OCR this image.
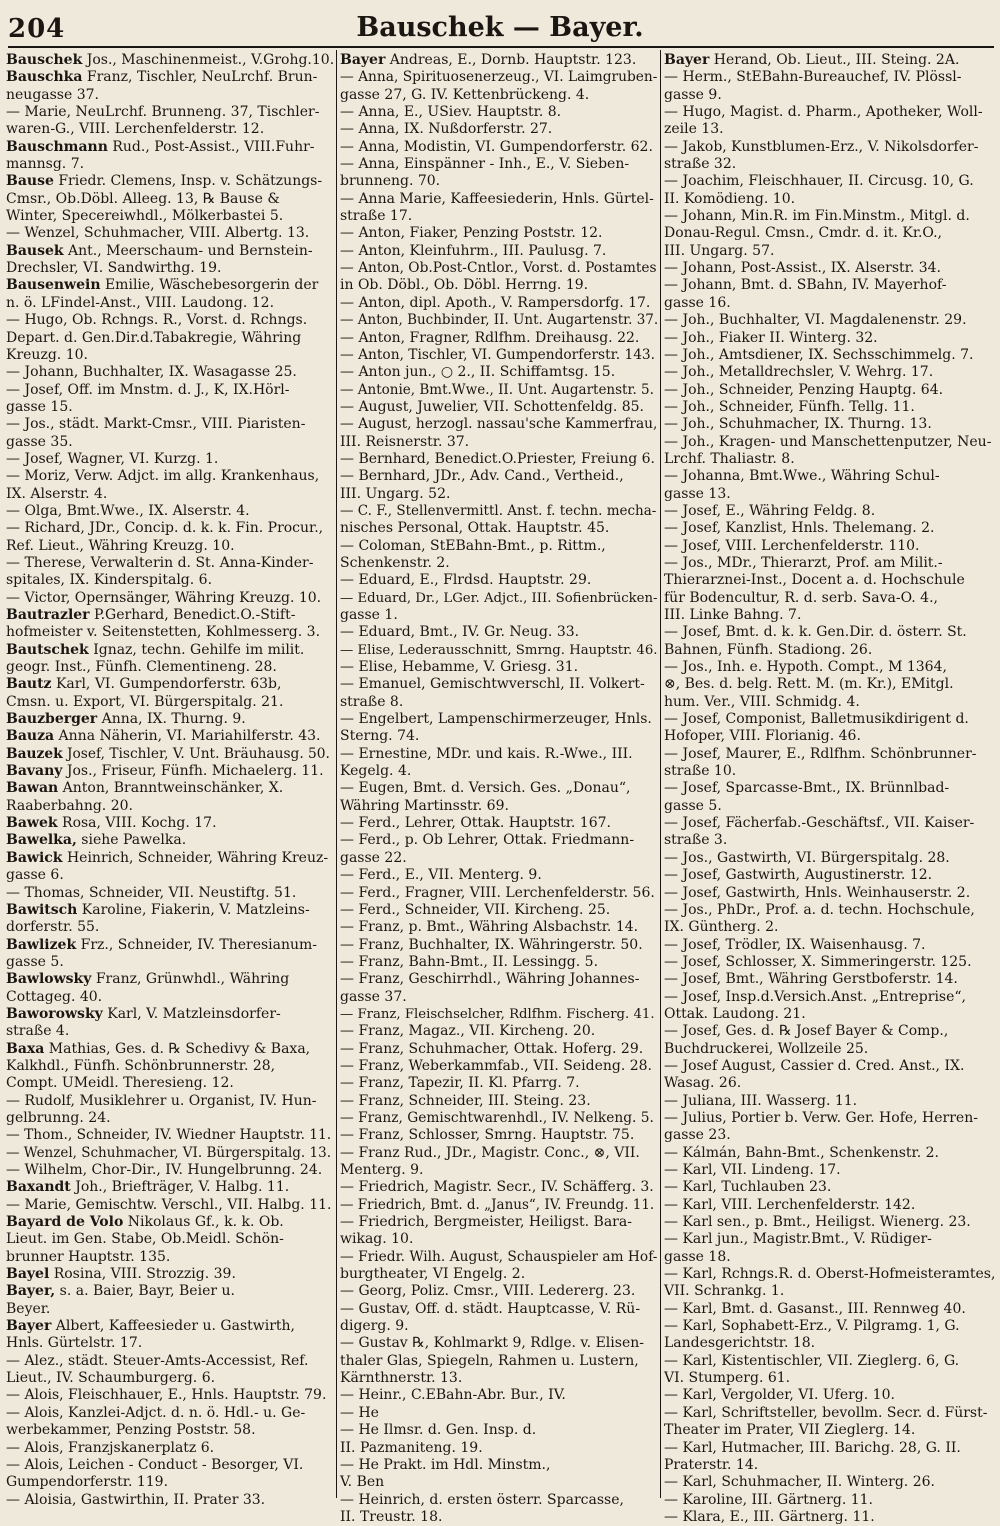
204	Bauschek — Bayer.

Bauschek Jos., Maschinenmeist., V.Grohg.10.

Bauschka Franz, Tischler, NeuLrchf. Brun-

neugasse 37.

— Marie, NeuLrchf. Brunneng. 37, Tischler-

waren-G., VIII. Lerchenfelderstr. 12.

Bauschmann Rud., Post-Assist., VIII.Fuhr-

mannsg. 7.

Bause Friedr. Clemens, Insp. v. Schätzungs-

Cmsr., Ob.Döbl. Alleeg. 13, ℞ Bause &

Winter, Specereiwhdl., Mölkerbastei 5.

— Wenzel, Schuhmacher, VIII. Albertg. 13.

Bausek Ant., Meerschaum- und Bernstein-

Drechsler, VI. Sandwirthg. 19.

Bausenwein Emilie, Wäschebesorgerin der

n. ö. LFindel-Anst., VIII. Laudong. 12.

— Hugo, Ob. Rchngs. R., Vorst. d. Rchngs.

Depart. d. Gen.Dir.d.Tabakregie, Währing

Kreuzg. 10.

— Johann, Buchhalter, IX. Wasagasse 25.

— Josef, Off. im Mnstm. d. J., K, IX.Hörl-

gasse 15.

— Jos., städt. Markt-Cmsr., VIII. Piaristen-

gasse 35.

— Josef, Wagner, VI. Kurzg. 1.

— Moriz, Verw. Adjct. im allg. Krankenhaus,

IX. Alserstr. 4.

— Olga, Bmt.Wwe., IX. Alserstr. 4.

— Richard, JDr., Concip. d. k. k. Fin. Procur.,

Ref. Lieut., Währing Kreuzg. 10.

— Therese, Verwalterin d. St. Anna-Kinder-

spitales, IX. Kinderspitalg. 6.

— Victor, Opernsänger, Währing Kreuzg. 10.

Bautrazler P.Gerhard, Benedict.O.-Stift-

hofmeister v. Seitenstetten, Kohlmesserg. 3.

Bautschek Ignaz, techn. Gehilfe im milit.

geogr. Inst., Fünfh. Clementineng. 28.

Bautz Karl, VI. Gumpendorferstr. 63b,

Cmsn. u. Export, VI. Bürgerspitalg. 21.

Bauzberger Anna, IX. Thurng. 9.

Bauza Anna Näherin, VI. Mariahilferstr. 43.

Bauzek Josef, Tischler, V. Unt. Bräuhausg. 50.

Bavany Jos., Friseur, Fünfh. Michaelerg. 11.

Bawan Anton, Branntweinschänker, X.

Raaberbahng. 20.

Bawek Rosa, VIII. Kochg. 17.

Bawelka, siehe Pawelka.

Bawick Heinrich, Schneider, Währing Kreuz-

gasse 6.

— Thomas, Schneider, VII. Neustiftg. 51.

Bawitsch Karoline, Fiakerin, V. Matzleins-

dorferstr. 55.

Bawlizek Frz., Schneider, IV. Theresianum-

gasse 5.

Bawlowsky Franz, Grünwhdl., Währing

Cottageg. 40.

Baworowsky Karl, V. Matzleinsdorfer-

straße 4.

Baxa Mathias, Ges. d. ℞ Schedivy & Baxa,

Kalkhdl., Fünfh. Schönbrunnerstr. 28,

Compt. UMeidl. Theresieng. 12.

— Rudolf, Musiklehrer u. Organist, IV. Hun-

gelbrunng. 24.

— Thom., Schneider, IV. Wiedner Hauptstr. 11.

— Wenzel, Schuhmacher, VI. Bürgerspitalg. 13.

— Wilhelm, Chor-Dir., IV. Hungelbrunng. 24.

Baxandt Joh., Briefträger, V. Halbg. 11.

— Marie, Gemischtw. Verschl., VII. Halbg. 11.

Bayard de Volo Nikolaus Gf., k. k. Ob.

Lieut. im Gen. Stabe, Ob.Meidl. Schön-

brunner Hauptstr. 135.

Bayel Rosina, VIII. Strozzig. 39.

Bayer, s. a. Baier, Bayr, Beier u.

Beyer.

Bayer Albert, Kaffeesieder u. Gastwirth,

Hnls. Gürtelstr. 17.

— Alez., städt. Steuer-Amts-Accessist, Ref.

Lieut., IV. Schaumburgerg. 6.

— Alois, Fleischhauer, E., Hnls. Hauptstr. 79.

— Alois, Kanzlei-Adjct. d. n. ö. Hdl.- u. Ge-

werbekammer, Penzing Poststr. 58.

— Alois, Franzjskanerplatz 6.

— Alois, Leichen - Conduct - Besorger, VI.

Gumpendorferstr. 119.

— Aloisia, Gastwirthin, II. Prater 33.

Bayer Andreas, E., Dornb. Hauptstr. 123.

— Anna, Spirituosenerzeug., VI. Laimgruben-

gasse 27, G. IV. Kettenbrückeng. 4.

— Anna, E., USiev. Hauptstr. 8.

— Anna, IX. Nußdorferstr. 27.

— Anna, Modistin, VI. Gumpendorferstr. 62.

— Anna, Einspänner - Inh., E., V. Sieben-

brunneng. 70.

— Anna Marie, Kaffeesiederin, Hnls. Gürtel-

straße 17.

— Anton, Fiaker, Penzing Poststr. 12.

— Anton, Kleinfuhrm., III. Paulusg. 7.

— Anton, Ob.Post-Cntlor., Vorst. d. Postamtes

in Ob. Döbl., Ob. Döbl. Herrng. 19.

— Anton, dipl. Apoth., V. Rampersdorfg. 17.

— Anton, Buchbinder, II. Unt. Augartenstr. 37.

— Anton, Fragner, Rdlfhm. Dreihausg. 22.

— Anton, Tischler, VI. Gumpendorferstr. 143.

— Anton jun., ○ 2., II. Schiffamtsg. 15.

— Antonie, Bmt.Wwe., II. Unt. Augartenstr. 5.

— August, Juwelier, VII. Schottenfeldg. 85.

— August, herzogl. nassau'sche Kammerfrau,

III. Reisnerstr. 37.

— Bernhard, Benedict.O.Priester, Freiung 6.

— Bernhard, JDr., Adv. Cand., Vertheid.,

III. Ungarg. 52.

— C. F., Stellenvermittl. Anst. f. techn. mecha-

nisches Personal, Ottak. Hauptstr. 45.

— Coloman, StEBahn-Bmt., p. Rittm.,

Schenkenstr. 2.

— Eduard, E., Flrdsd. Hauptstr. 29.

— Eduard, Dr., LGer. Adjct., III. Sofienbrücken-

gasse 1.

— Eduard, Bmt., IV. Gr. Neug. 33.

— Elise, Lederausschnitt, Smrng. Hauptstr. 46.

— Elise, Hebamme, V. Griesg. 31.

— Emanuel, Gemischtwverschl, II. Volkert-

straße 8.

— Engelbert, Lampenschirmerzeuger, Hnls.

Sterng. 74.

— Ernestine, MDr. und kais. R.-Wwe., III.

Kegelg. 4.

— Eugen, Bmt. d. Versich. Ges. „Donau“,

Währing Martinsstr. 69.

— Ferd., Lehrer, Ottak. Hauptstr. 167.

— Ferd., p. Ob Lehrer, Ottak. Friedmann-

gasse 22.

— Ferd., E., VII. Menterg. 9.

— Ferd., Fragner, VIII. Lerchenfelderstr. 56.

— Ferd., Schneider, VII. Kircheng. 25.

— Franz, p. Bmt., Währing Alsbachstr. 14.

— Franz, Buchhalter, IX. Währingerstr. 50.

— Franz, Bahn-Bmt., II. Lessingg. 5.

— Franz, Geschirrhdl., Währing Johannes-

gasse 37.

— Franz, Fleischselcher, Rdlfhm. Fischerg. 41.

— Franz, Magaz., VII. Kircheng. 20.

— Franz, Schuhmacher, Ottak. Hoferg. 29.

— Franz, Weberkammfab., VII. Seideng. 28.

— Franz, Tapezir, II. Kl. Pfarrg. 7.

— Franz, Schneider, III. Steing. 23.

— Franz, Gemischtwarenhdl., IV. Nelkeng. 5.

— Franz, Schlosser, Smrng. Hauptstr. 75.

— Franz Rud., JDr., Magistr. Conc., ⊗, VII.

Menterg. 9.

— Friedrich, Magistr. Secr., IV. Schäfferg. 3.

— Friedrich, Bmt. d. „Janus“, IV. Freundg. 11.

— Friedrich, Bergmeister, Heiligst. Bara-

wikag. 10.

— Friedr. Wilh. August, Schauspieler am Hof-

burgtheater, VI Engelg. 2.

— Georg, Poliz. Cmsr., VIII. Ledererg. 23.

— Gustav, Off. d. städt. Hauptcasse, V. Rü-

digerg. 9.

— Gustav ℞, Kohlmarkt 9, Rdlge. v. Elisen-

thaler Glas, Spiegeln, Rahmen u. Lustern,

Kärnthnerstr. 13.

— Heinr., C.EBahn-Abr. Bur., IV.

— He

— He Ilmsr. d. Gen. Insp. d.

II. Pazmaniteng. 19.

— He Prakt. im Hdl. Minstm.,

V. Ben

— Heinrich, d. ersten österr. Sparcasse,

II. Treustr. 18.

Bayer Herand, Ob. Lieut., III. Steing. 2A.

— Herm., StEBahn-Bureauchef, IV. Plössl-

gasse 9.

— Hugo, Magist. d. Pharm., Apotheker, Woll-

zeile 13.

— Jakob, Kunstblumen-Erz., V. Nikolsdorfer-

straße 32.

— Joachim, Fleischhauer, II. Circusg. 10, G.

II. Komödieng. 10.

— Johann, Min.R. im Fin.Minstm., Mitgl. d.

Donau-Regul. Cmsn., Cmdr. d. it. Kr.O.,

III. Ungarg. 57.

— Johann, Post-Assist., IX. Alserstr. 34.

— Johann, Bmt. d. SBahn, IV. Mayerhof-

gasse 16.

— Joh., Buchhalter, VI. Magdalenenstr. 29.

— Joh., Fiaker II. Winterg. 32.

— Joh., Amtsdiener, IX. Sechsschimmelg. 7.

— Joh., Metalldrechsler, V. Wehrg. 17.

— Joh., Schneider, Penzing Hauptg. 64.

— Joh., Schneider, Fünfh. Tellg. 11.

— Joh., Schuhmacher, IX. Thurng. 13.

— Joh., Kragen- und Manschettenputzer, Neu-

Lrchf. Thaliastr. 8.

— Johanna, Bmt.Wwe., Währing Schul-

gasse 13.

— Josef, E., Währing Feldg. 8.

— Josef, Kanzlist, Hnls. Thelemang. 2.

— Josef, VIII. Lerchenfelderstr. 110.

— Jos., MDr., Thierarzt, Prof. am Milit.-

Thierarznei-Inst., Docent a. d. Hochschule

für Bodencultur, R. d. serb. Sava-O. 4.,

III. Linke Bahng. 7.

— Josef, Bmt. d. k. k. Gen.Dir. d. österr. St.

Bahnen, Fünfh. Stadiong. 26.

— Jos., Inh. e. Hypoth. Compt., M 1364,

⊗, Bes. d. belg. Rett. M. (m. Kr.), EMitgl.

hum. Ver., VIII. Schmidg. 4.

— Josef, Componist, Balletmusikdirigent d.

Hofoper, VIII. Florianig. 46.

— Josef, Maurer, E., Rdlfhm. Schönbrunner-

straße 10.

— Josef, Sparcasse-Bmt., IX. Brünnlbad-

gasse 5.

— Josef, Fächerfab.-Geschäftsf., VII. Kaiser-

straße 3.

— Jos., Gastwirth, VI. Bürgerspitalg. 28.

— Josef, Gastwirth, Augustinerstr. 12.

— Josef, Gastwirth, Hnls. Weinhauserstr. 2.

— Jos., PhDr., Prof. a. d. techn. Hochschule,

IX. Güntherg. 2.

— Josef, Trödler, IX. Waisenhausg. 7.

— Josef, Schlosser, X. Simmeringerstr. 125.

— Josef, Bmt., Währing Gerstboferstr. 14.

— Josef, Insp.d.Versich.Anst. „Entreprise“,

Ottak. Laudong. 21.

— Josef, Ges. d. ℞ Josef Bayer & Comp.,

Buchdruckerei, Wollzeile 25.

— Josef August, Cassier d. Cred. Anst., IX.

Wasag. 26.

— Juliana, III. Wasserg. 11.

— Julius, Portier b. Verw. Ger. Hofe, Herren-

gasse 23.

— Kálmán, Bahn-Bmt., Schenkenstr. 2.

— Karl, VII. Lindeng. 17.

— Karl, Tuchlauben 23.

— Karl, VIII. Lerchenfelderstr. 142.

— Karl sen., p. Bmt., Heiligst. Wienerg. 23.

— Karl jun., Magistr.Bmt., V. Rüdiger-

gasse 18.

— Karl, Rchngs.R. d. Oberst-Hofmeisteramtes,

VII. Schrankg. 1.

— Karl, Bmt. d. Gasanst., III. Rennweg 40.

— Karl, Sophabett-Erz., V. Pilgramg. 1, G.

Landesgerichtstr. 18.

— Karl, Kistentischler, VII. Zieglerg. 6, G.

VI. Stumperg. 61.

— Karl, Vergolder, VI. Uferg. 10.

— Karl, Schriftsteller, bevollm. Secr. d. Fürst-

Theater im Prater, VII Zieglerg. 14.

— Karl, Hutmacher, III. Barichg. 28, G. II.

Praterstr. 14.

— Karl, Schuhmacher, II. Winterg. 26.

— Karoline, III. Gärtnerg. 11.

— Klara, E., III. Gärtnerg. 11.
